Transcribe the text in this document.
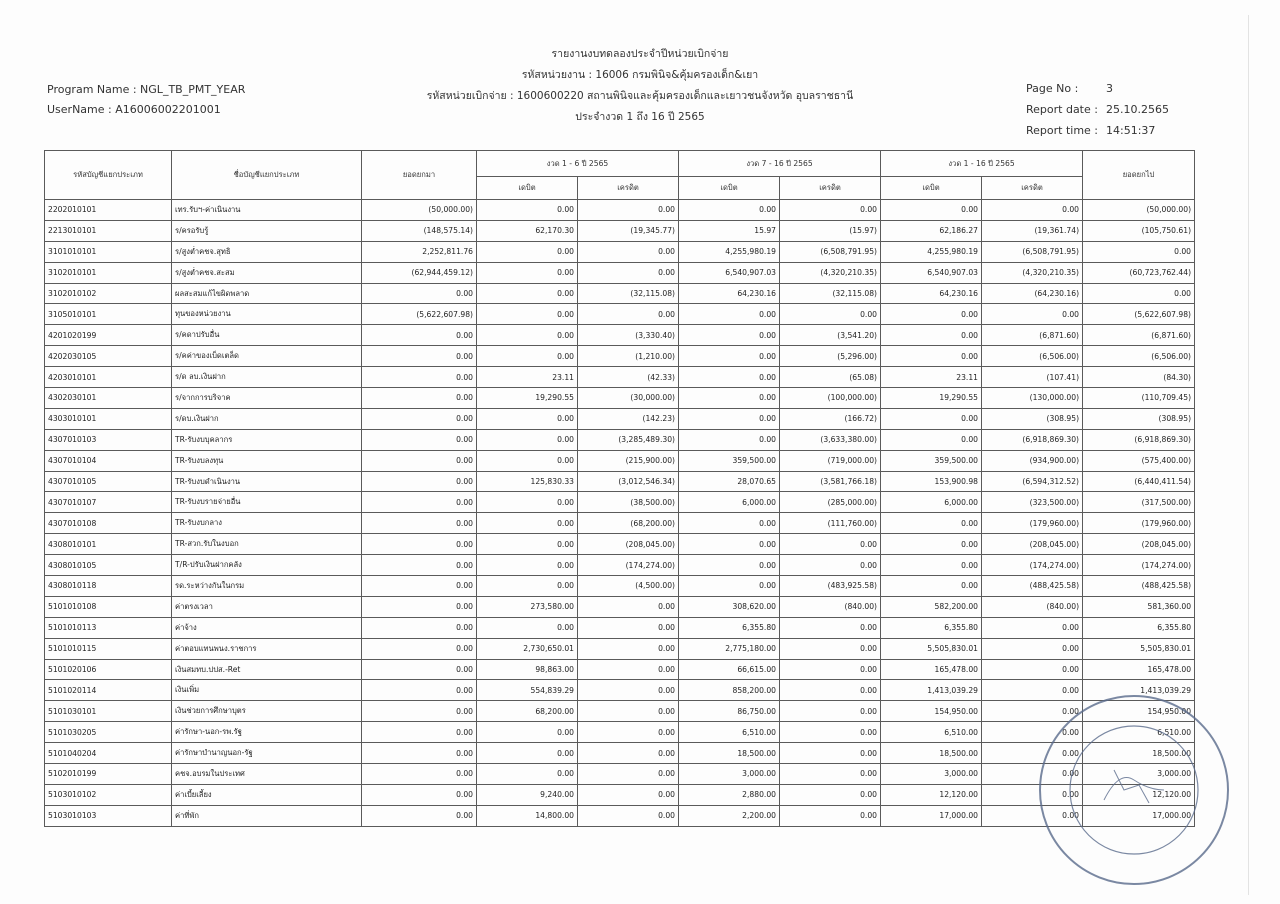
รายงานงบทดลองประจำปีหน่วยเบิกจ่าย
รหัสหน่วยงาน : 16006 กรมพินิจ&คุ้มครองเด็ก&เยา
รหัสหน่วยเบิกจ่าย : 1600600220 สถานพินิจและคุ้มครองเด็กและเยาวชนจังหวัด อุบลราชธานี
ประจำงวด 1 ถึง 16 ปี 2565
Program Name : NGL_TB_PMT_YEAR
UserName : A16006002201001
Page No :	3
Report date : 25.10.2565
Report time : 14:51:37
รหัสบัญชีแยกประเภท	ชื่อบัญชีแยกประเภท	ยอดยกมา	งวด 1 - 6 ปี 2565		งวด 7 - 16 ปี 2565		งวด 1 - 16 ปี 2565		ยอดยกไป
			เดบิต	เครดิต	เดบิต	เครดิต	เดบิต	เครดิต	
2202010101	เทร.รับฯ-ค่าเนินงาน	(50,000.00)	0.00	0.00	0.00	0.00	0.00	0.00	(50,000.00)
2213010101	ร/ครอรับรู้	(148,575.14)	62,170.30	(19,345.77)	15.97	(15.97)	62,186.27	(19,361.74)	(105,750.61)
3101010101	ร/สูงต่ำคชจ.สุทธิ	2,252,811.76	0.00	0.00	4,255,980.19	(6,508,791.95)	4,255,980.19	(6,508,791.95)	0.00
3102010101	ร/สูงต่ำคชจ.สะสม	(62,944,459.12)	0.00	0.00	6,540,907.03	(4,320,210.35)	6,540,907.03	(4,320,210.35)	(60,723,762.44)
3102010102	ผลสะสมแก้ไขผิดพลาด	0.00	0.00	(32,115.08)	64,230.16	(32,115.08)	64,230.16	(64,230.16)	0.00
3105010101	ทุนของหน่วยงาน	(5,622,607.98)	0.00	0.00	0.00	0.00	0.00	0.00	(5,622,607.98)
4201020199	ร/คดาปรับอื่น	0.00	0.00	(3,330.40)	0.00	(3,541.20)	0.00	(6,871.60)	(6,871.60)
4202030105	ร/คค่าของเบ็ดเตล็ด	0.00	0.00	(1,210.00)	0.00	(5,296.00)	0.00	(6,506.00)	(6,506.00)
4203010101	ร/ด ลบ.เงินฝาก	0.00	23.11	(42.33)	0.00	(65.08)	23.11	(107.41)	(84.30)
4302030101	ร/จากการบริจาค	0.00	19,290.55	(30,000.00)	0.00	(100,000.00)	19,290.55	(130,000.00)	(110,709.45)
4303010101	ร/ดบ.เงินฝาก	0.00	0.00	(142.23)	0.00	(166.72)	0.00	(308.95)	(308.95)
4307010103	TR-รับงบบุคลากร	0.00	0.00	(3,285,489.30)	0.00	(3,633,380.00)	0.00	(6,918,869.30)	(6,918,869.30)
4307010104	TR-รับงบลงทุน	0.00	0.00	(215,900.00)	359,500.00	(719,000.00)	359,500.00	(934,900.00)	(575,400.00)
4307010105	TR-รับงบดำเนินงาน	0.00	125,830.33	(3,012,546.34)	28,070.65	(3,581,766.18)	153,900.98	(6,594,312.52)	(6,440,411.54)
4307010107	TR-รับงบรายจ่ายอื่น	0.00	0.00	(38,500.00)	6,000.00	(285,000.00)	6,000.00	(323,500.00)	(317,500.00)
4307010108	TR-รับงบกลาง	0.00	0.00	(68,200.00)	0.00	(111,760.00)	0.00	(179,960.00)	(179,960.00)
4308010101	TR-สวก.รับในงบอก	0.00	0.00	(208,045.00)	0.00	0.00	0.00	(208,045.00)	(208,045.00)
4308010105	T/R-ปรับเงินฝากคลัง	0.00	0.00	(174,274.00)	0.00	0.00	0.00	(174,274.00)	(174,274.00)
4308010118	รด.ระหว่างกันในกรม	0.00	0.00	(4,500.00)	0.00	(483,925.58)	0.00	(488,425.58)	(488,425.58)
5101010108	ค่าตรงเวลา	0.00	273,580.00	0.00	308,620.00	(840.00)	582,200.00	(840.00)	581,360.00
5101010113	ค่าจ้าง	0.00	0.00	0.00	6,355.80	0.00	6,355.80	0.00	6,355.80
5101010115	ค่าตอบแทนพนง.ราชการ	0.00	2,730,650.01	0.00	2,775,180.00	0.00	5,505,830.01	0.00	5,505,830.01
5101020106	เงินสมทบ.ปปส.-Ret	0.00	98,863.00	0.00	66,615.00	0.00	165,478.00	0.00	165,478.00
5101020114	เงินเพิ่ม	0.00	554,839.29	0.00	858,200.00	0.00	1,413,039.29	0.00	1,413,039.29
5101030101	เงินช่วยการศึกษาบุตร	0.00	68,200.00	0.00	86,750.00	0.00	154,950.00	0.00	154,950.00
5101030205	ค่ารักษา-นอก-รพ.รัฐ	0.00	0.00	0.00	6,510.00	0.00	6,510.00	0.00	6,510.00
5101040204	ค่ารักษาบำนาญนอก-รัฐ	0.00	0.00	0.00	18,500.00	0.00	18,500.00	0.00	18,500.00
5102010199	คชจ.อบรมในประเทศ	0.00	0.00	0.00	3,000.00	0.00	3,000.00	0.00	3,000.00
5103010102	ค่าเบี้ยเลี้ยง	0.00	9,240.00	0.00	2,880.00	0.00	12,120.00	0.00	12,120.00
5103010103	ค่าที่พัก	0.00	14,800.00	0.00	2,200.00	0.00	17,000.00	0.00	17,000.00
